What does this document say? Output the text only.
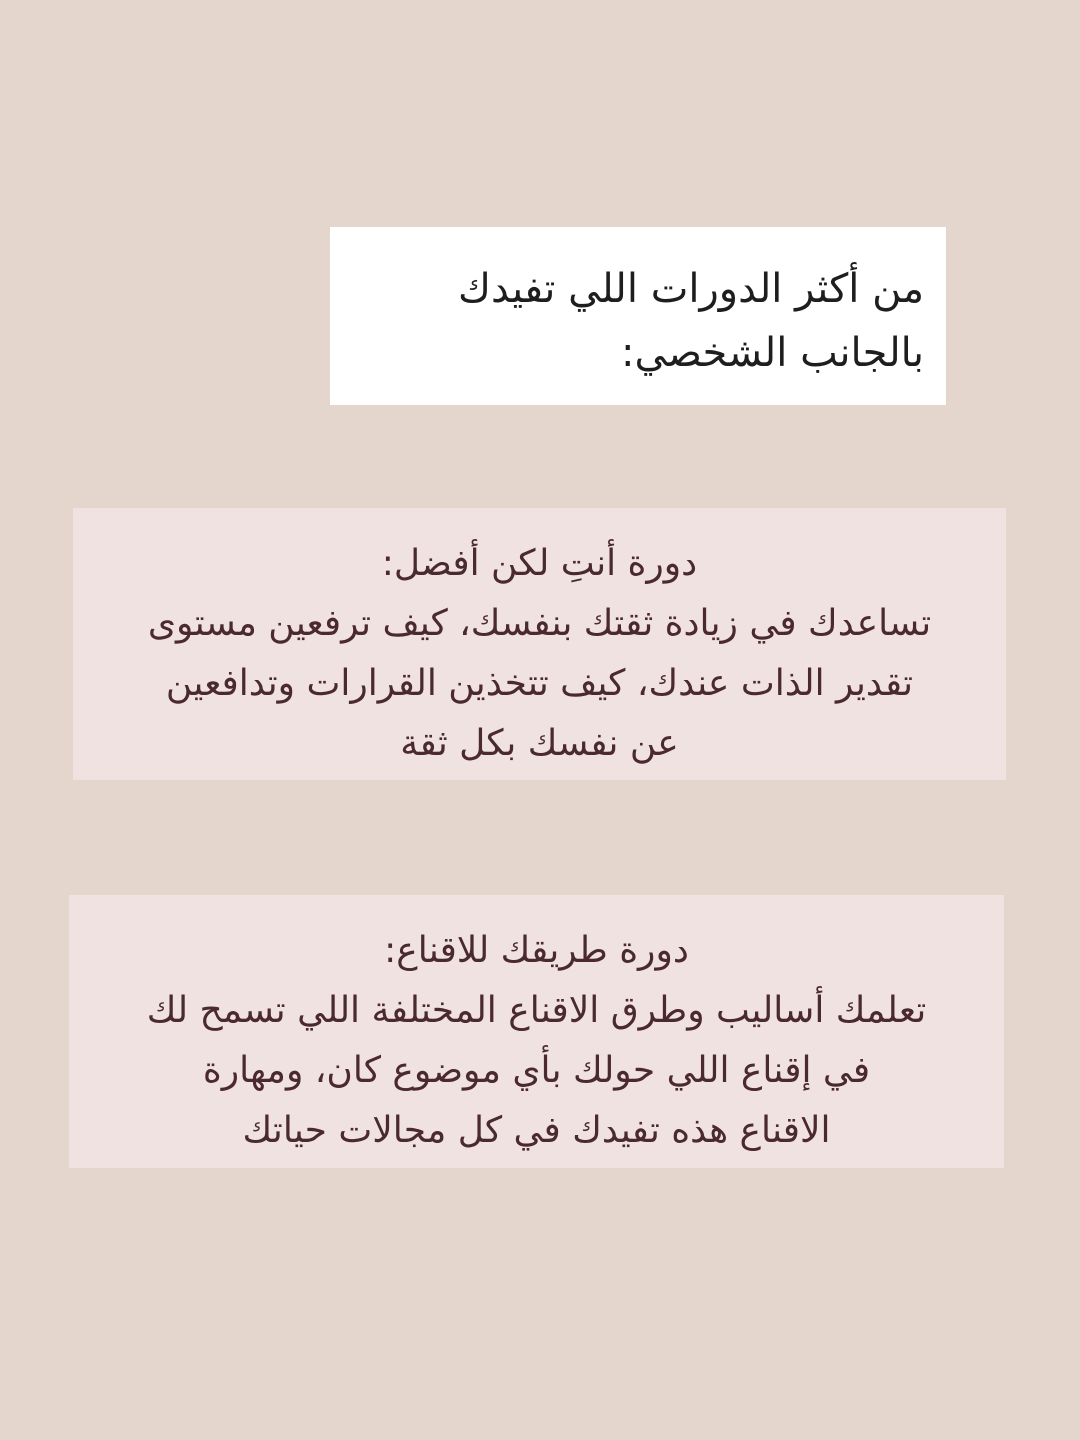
من أكثر الدورات اللي تفيدك
بالجانب الشخصي:
دورة أنتِ لكن أفضل:
تساعدك في زيادة ثقتك بنفسك، كيف ترفعين مستوى
تقدير الذات عندك، كيف تتخذين القرارات وتدافعين
عن نفسك بكل ثقة
دورة طريقك للاقناع:
تعلمك أساليب وطرق الاقناع المختلفة اللي تسمح لك
في إقناع اللي حولك بأي موضوع كان، ومهارة
الاقناع هذه تفيدك في كل مجالات حياتك
